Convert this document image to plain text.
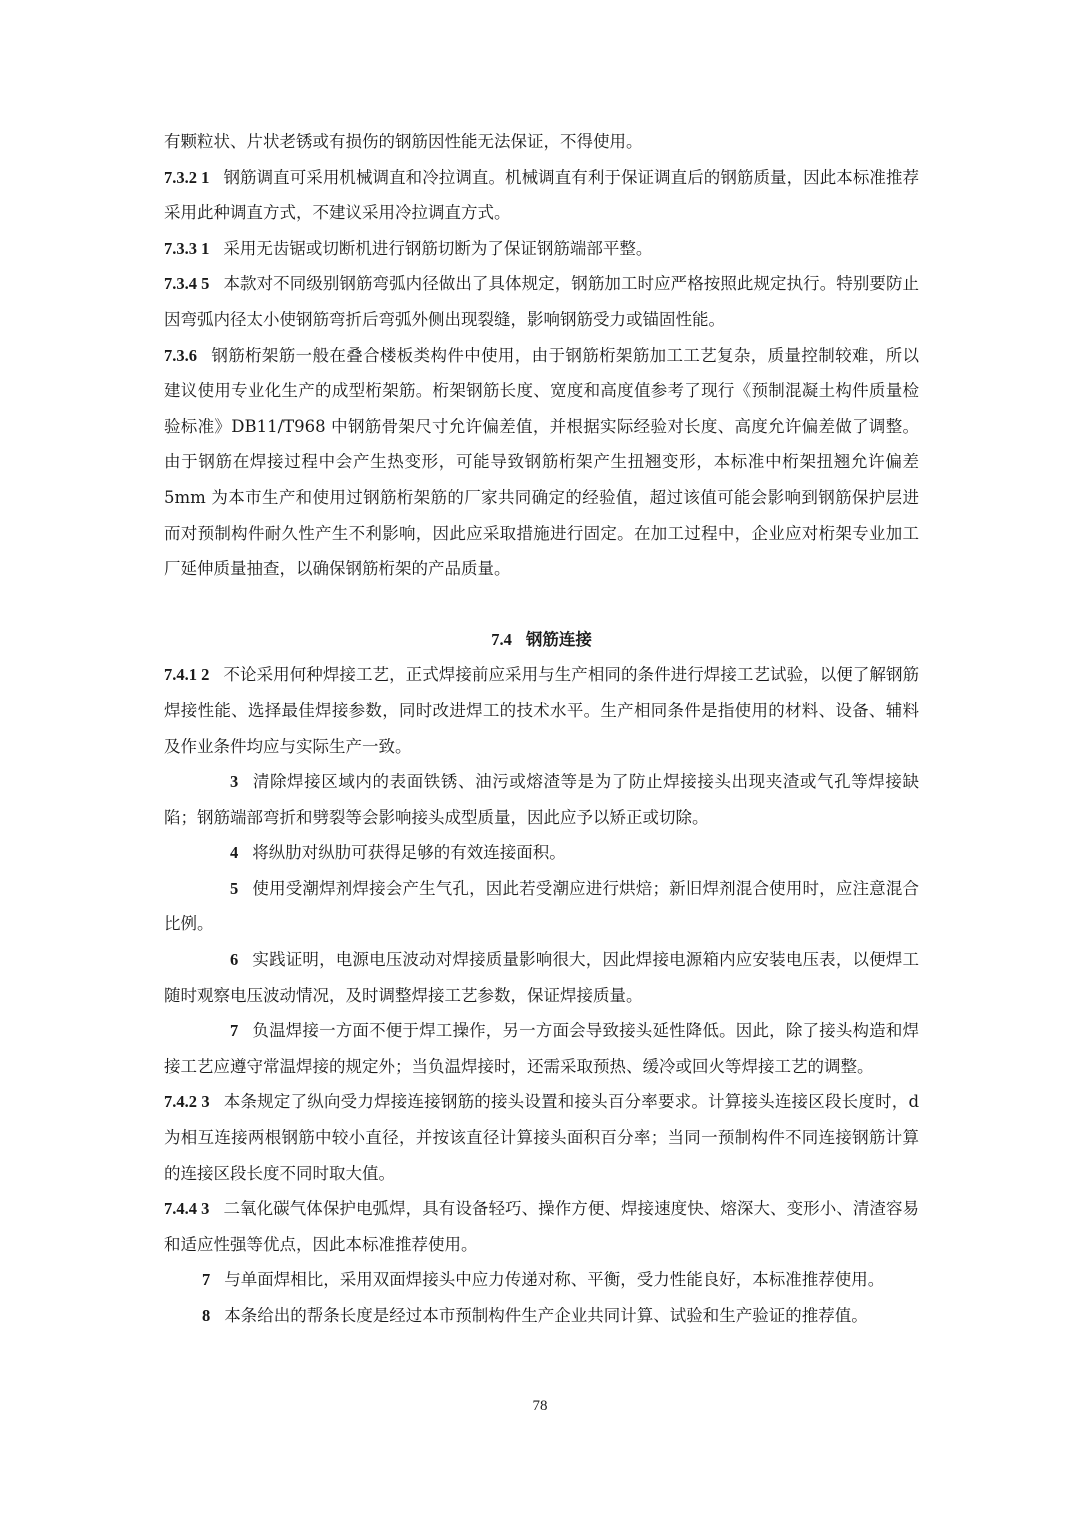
有颗粒状、片状老锈或有损伤的钢筋因性能无法保证，不得使用。

7.3.2 1 钢筋调直可采用机械调直和冷拉调直。机械调直有利于保证调直后的钢筋质量，因此本标准推荐采用此种调直方式，不建议采用冷拉调直方式。

7.3.3 1 采用无齿锯或切断机进行钢筋切断为了保证钢筋端部平整。

7.3.4 5 本款对不同级别钢筋弯弧内径做出了具体规定，钢筋加工时应严格按照此规定执行。特别要防止因弯弧内径太小使钢筋弯折后弯弧外侧出现裂缝，影响钢筋受力或锚固性能。

7.3.6 钢筋桁架筋一般在叠合楼板类构件中使用，由于钢筋桁架筋加工工艺复杂，质量控制较难，所以建议使用专业化生产的成型桁架筋。桁架钢筋长度、宽度和高度值参考了现行《预制混凝土构件质量检验标准》DB11/T968 中钢筋骨架尺寸允许偏差值，并根据实际经验对长度、高度允许偏差做了调整。由于钢筋在焊接过程中会产生热变形，可能导致钢筋桁架产生扭翘变形，本标准中桁架扭翘允许偏差 5mm 为本市生产和使用过钢筋桁架筋的厂家共同确定的经验值，超过该值可能会影响到钢筋保护层进而对预制构件耐久性产生不利影响，因此应采取措施进行固定。在加工过程中，企业应对桁架专业加工厂延伸质量抽查，以确保钢筋桁架的产品质量。

7.4 钢筋连接

7.4.1 2 不论采用何种焊接工艺，正式焊接前应采用与生产相同的条件进行焊接工艺试验，以便了解钢筋焊接性能、选择最佳焊接参数，同时改进焊工的技术水平。生产相同条件是指使用的材料、设备、辅料及作业条件均应与实际生产一致。

3 清除焊接区域内的表面铁锈、油污或熔渣等是为了防止焊接接头出现夹渣或气孔等焊接缺陷；钢筋端部弯折和劈裂等会影响接头成型质量，因此应予以矫正或切除。

4 将纵肋对纵肋可获得足够的有效连接面积。

5 使用受潮焊剂焊接会产生气孔，因此若受潮应进行烘焙；新旧焊剂混合使用时，应注意混合比例。

6 实践证明，电源电压波动对焊接质量影响很大，因此焊接电源箱内应安装电压表，以便焊工随时观察电压波动情况，及时调整焊接工艺参数，保证焊接质量。

7 负温焊接一方面不便于焊工操作，另一方面会导致接头延性降低。因此，除了接头构造和焊接工艺应遵守常温焊接的规定外；当负温焊接时，还需采取预热、缓冷或回火等焊接工艺的调整。

7.4.2 3 本条规定了纵向受力焊接连接钢筋的接头设置和接头百分率要求。计算接头连接区段长度时，d 为相互连接两根钢筋中较小直径，并按该直径计算接头面积百分率；当同一预制构件不同连接钢筋计算的连接区段长度不同时取大值。

7.4.4 3 二氧化碳气体保护电弧焊，具有设备轻巧、操作方便、焊接速度快、熔深大、变形小、清渣容易和适应性强等优点，因此本标准推荐使用。

7 与单面焊相比，采用双面焊接头中应力传递对称、平衡，受力性能良好，本标准推荐使用。

8 本条给出的帮条长度是经过本市预制构件生产企业共同计算、试验和生产验证的推荐值。

78
